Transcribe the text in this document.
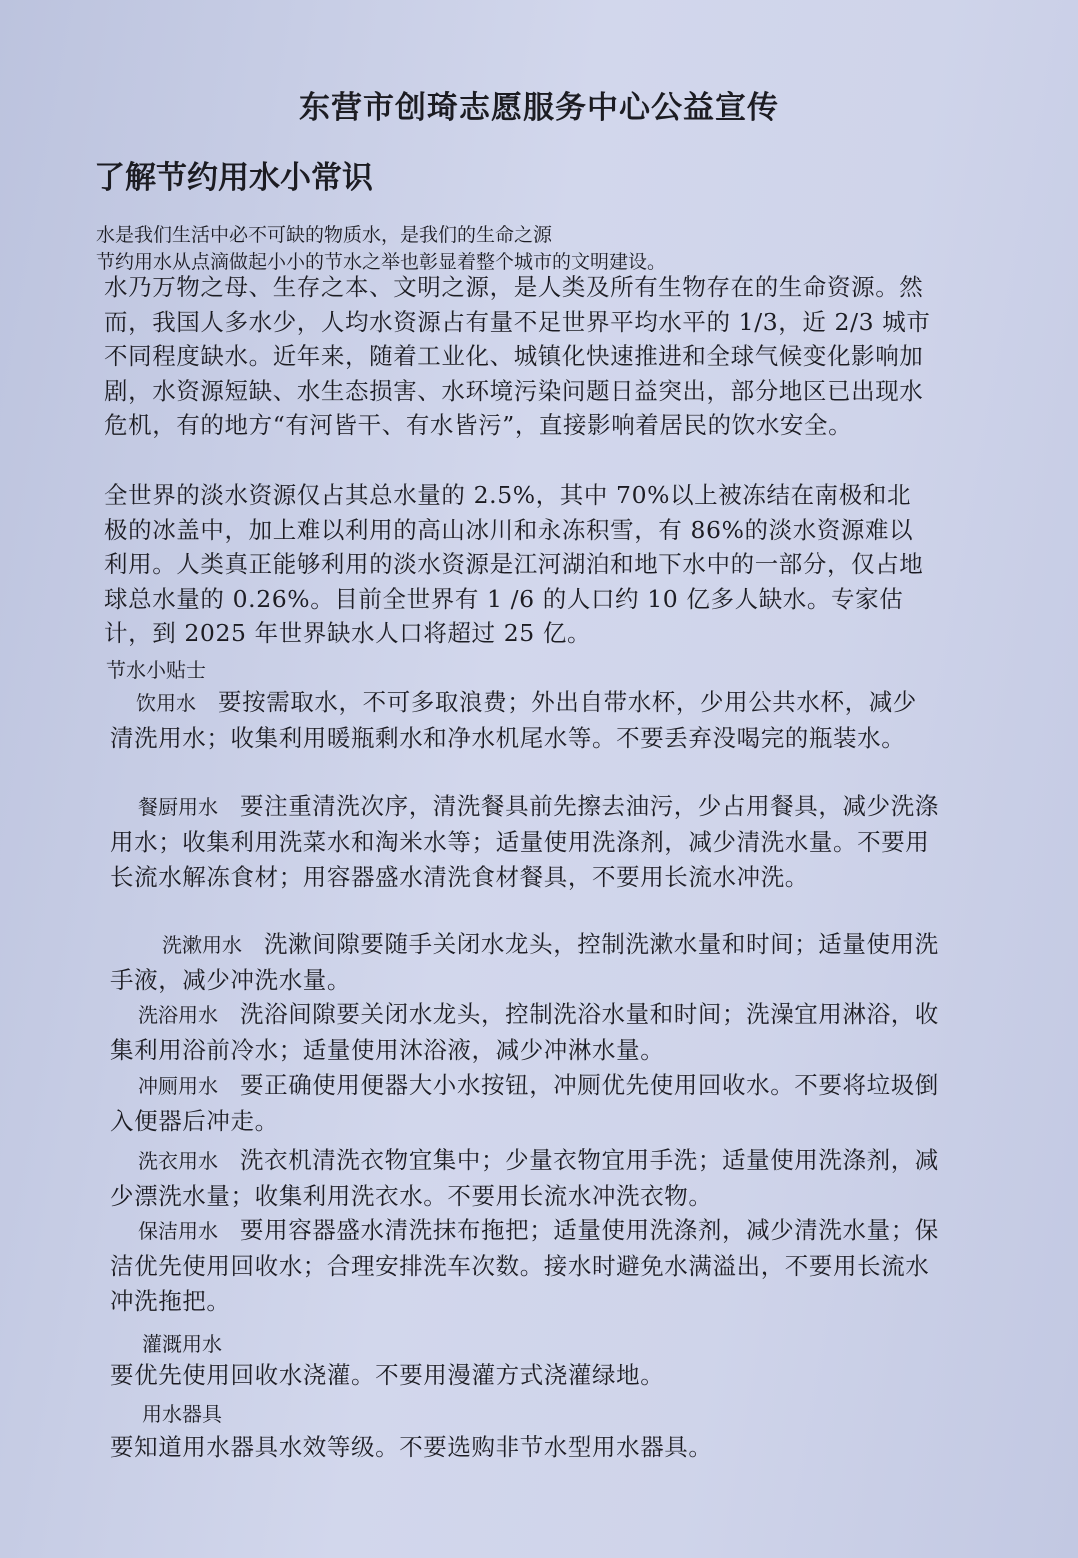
东营市创琦志愿服务中心公益宣传
了解节约用水小常识

水是我们生活中必不可缺的物质水，是我们的生命之源

节约用水从点滴做起小小的节水之举也彰显着整个城市的文明建设。

水乃万物之母、生存之本、文明之源，是人类及所有生物存在的生命资源。然而，我国人多水少，人均水资源占有量不足世界平均水平的 1/3，近 2/3 城市不同程度缺水。近年来，随着工业化、城镇化快速推进和全球气候变化影响加剧，水资源短缺、水生态损害、水环境污染问题日益突出，部分地区已出现水危机，有的地方“有河皆干、有水皆污”，直接影响着居民的饮水安全。

全世界的淡水资源仅占其总水量的 2.5%，其中 70%以上被冻结在南极和北极的冰盖中，加上难以利用的高山冰川和永冻积雪，有 86%的淡水资源难以利用。人类真正能够利用的淡水资源是江河湖泊和地下水中的一部分，仅占地球总水量的 0.26%。目前全世界有 1 /6 的人口约 10 亿多人缺水。专家估计，到 2025 年世界缺水人口将超过 25 亿。

节水小贴士

饮用水 要按需取水，不可多取浪费；外出自带水杯，少用公共水杯，减少清洗用水；收集利用暖瓶剩水和净水机尾水等。不要丢弃没喝完的瓶装水。

餐厨用水 要注重清洗次序，清洗餐具前先擦去油污，少占用餐具，减少洗涤用水；收集利用洗菜水和淘米水等；适量使用洗涤剂，减少清洗水量。不要用长流水解冻食材；用容器盛水清洗食材餐具，不要用长流水冲洗。

洗漱用水 洗漱间隙要随手关闭水龙头，控制洗漱水量和时间；适量使用洗手液，减少冲洗水量。

洗浴用水 洗浴间隙要关闭水龙头，控制洗浴水量和时间；洗澡宜用淋浴，收集利用浴前冷水；适量使用沐浴液，减少冲淋水量。

冲厕用水 要正确使用便器大小水按钮，冲厕优先使用回收水。不要将垃圾倒入便器后冲走。

洗衣用水 洗衣机清洗衣物宜集中；少量衣物宜用手洗；适量使用洗涤剂，减少漂洗水量；收集利用洗衣水。不要用长流水冲洗衣物。

保洁用水 要用容器盛水清洗抹布拖把；适量使用洗涤剂，减少清洗水量；保洁优先使用回收水；合理安排洗车次数。接水时避免水满溢出，不要用长流水冲洗拖把。

灌溉用水

要优先使用回收水浇灌。不要用漫灌方式浇灌绿地。

用水器具

要知道用水器具水效等级。不要选购非节水型用水器具。
